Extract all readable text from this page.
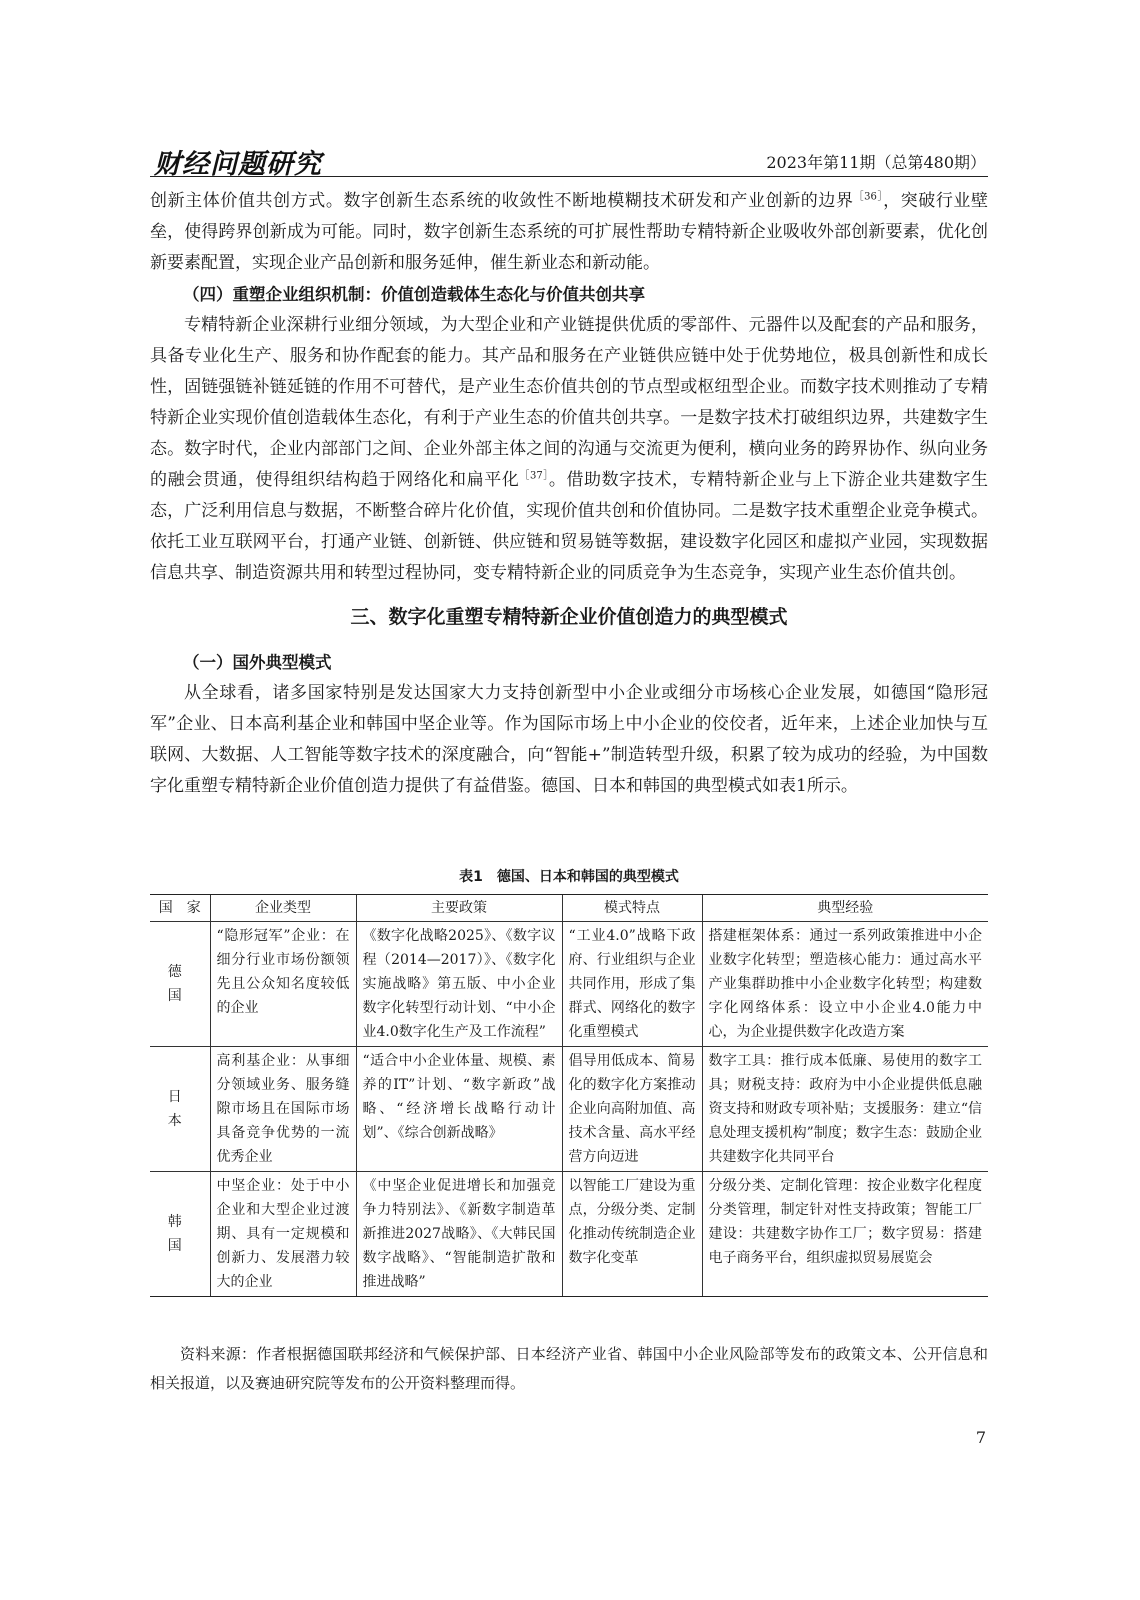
财经问题研究	2023年第11期（总第480期）

创新主体价值共创方式。数字创新生态系统的收敛性不断地模糊技术研发和产业创新的边界$^{[36]}$，突破行业壁垒，使得跨界创新成为可能。同时，数字创新生态系统的可扩展性帮助专精特新企业吸收外部创新要素，优化创新要素配置，实现企业产品创新和服务延伸，催生新业态和新动能。

（四）重塑企业组织机制：价值创造载体生态化与价值共创共享

专精特新企业深耕行业细分领域，为大型企业和产业链提供优质的零部件、元器件以及配套的产品和服务，具备专业化生产、服务和协作配套的能力。其产品和服务在产业链供应链中处于优势地位，极具创新性和成长性，固链强链补链延链的作用不可替代，是产业生态价值共创的节点型或枢纽型企业。而数字技术则推动了专精特新企业实现价值创造载体生态化，有利于产业生态的价值共创共享。一是数字技术打破组织边界，共建数字生态。数字时代，企业内部部门之间、企业外部主体之间的沟通与交流更为便利，横向业务的跨界协作、纵向业务的融会贯通，使得组织结构趋于网络化和扁平化$^{[37]}$。借助数字技术，专精特新企业与上下游企业共建数字生态，广泛利用信息与数据，不断整合碎片化价值，实现价值共创和价值协同。二是数字技术重塑企业竞争模式。依托工业互联网平台，打通产业链、创新链、供应链和贸易链等数据，建设数字化园区和虚拟产业园，实现数据信息共享、制造资源共用和转型过程协同，变专精特新企业的同质竞争为生态竞争，实现产业生态价值共创。

三、数字化重塑专精特新企业价值创造力的典型模式
（一）国外典型模式

从全球看，诸多国家特别是发达国家大力支持创新型中小企业或细分市场核心企业发展，如德国“隐形冠军”企业、日本高利基企业和韩国中坚企业等。作为国际市场上中小企业的佼佼者，近年来，上述企业加快与互联网、大数据、人工智能等数字技术的深度融合，向“智能+”制造转型升级，积累了较为成功的经验，为中国数字化重塑专精特新企业价值创造力提供了有益借鉴。德国、日本和韩国的典型模式如表1所示。

表1　德国、日本和韩国的典型模式
国　家	企业类型	主要政策	模式特点	典型经验
德国	“隐形冠军”企业：在细分行业市场份额领先且公众知名度较低的企业	《数字化战略2025》、《数字议程（2014—2017）》、《数字化实施战略》第五版、中小企业数字化转型行动计划、“中小企业4.0数字化生产及工作流程”	“工业4.0”战略下政府、行业组织与企业共同作用，形成了集群式、网络化的数字化重塑模式	搭建框架体系：通过一系列政策推进中小企业数字化转型；塑造核心能力：通过高水平产业集群助推中小企业数字化转型；构建数字化网络体系：设立中小企业4.0能力中心，为企业提供数字化改造方案
日本	高利基企业：从事细分领域业务、服务缝隙市场且在国际市场具备竞争优势的一流优秀企业	“适合中小企业体量、规模、素养的IT”计划、“数字新政”战略、“经济增长战略行动计划”、《综合创新战略》	倡导用低成本、简易化的数字化方案推动企业向高附加值、高技术含量、高水平经营方向迈进	数字工具：推行成本低廉、易使用的数字工具；财税支持：政府为中小企业提供低息融资支持和财政专项补贴；支援服务：建立“信息处理支援机构”制度；数字生态：鼓励企业共建数字化共同平台
韩国	中坚企业：处于中小企业和大型企业过渡期、具有一定规模和创新力、发展潜力较大的企业	《中坚企业促进增长和加强竞争力特别法》、《新数字制造革新推进2027战略》、《大韩民国数字战略》、“智能制造扩散和推进战略”	以智能工厂建设为重点，分级分类、定制化推动传统制造企业数字化变革	分级分类、定制化管理：按企业数字化程度分类管理，制定针对性支持政策；智能工厂建设：共建数字协作工厂；数字贸易：搭建电子商务平台，组织虚拟贸易展览会
资料来源：作者根据德国联邦经济和气候保护部、日本经济产业省、韩国中小企业风险部等发布的政策文本、公开信息和相关报道，以及赛迪研究院等发布的公开资料整理而得。
7
